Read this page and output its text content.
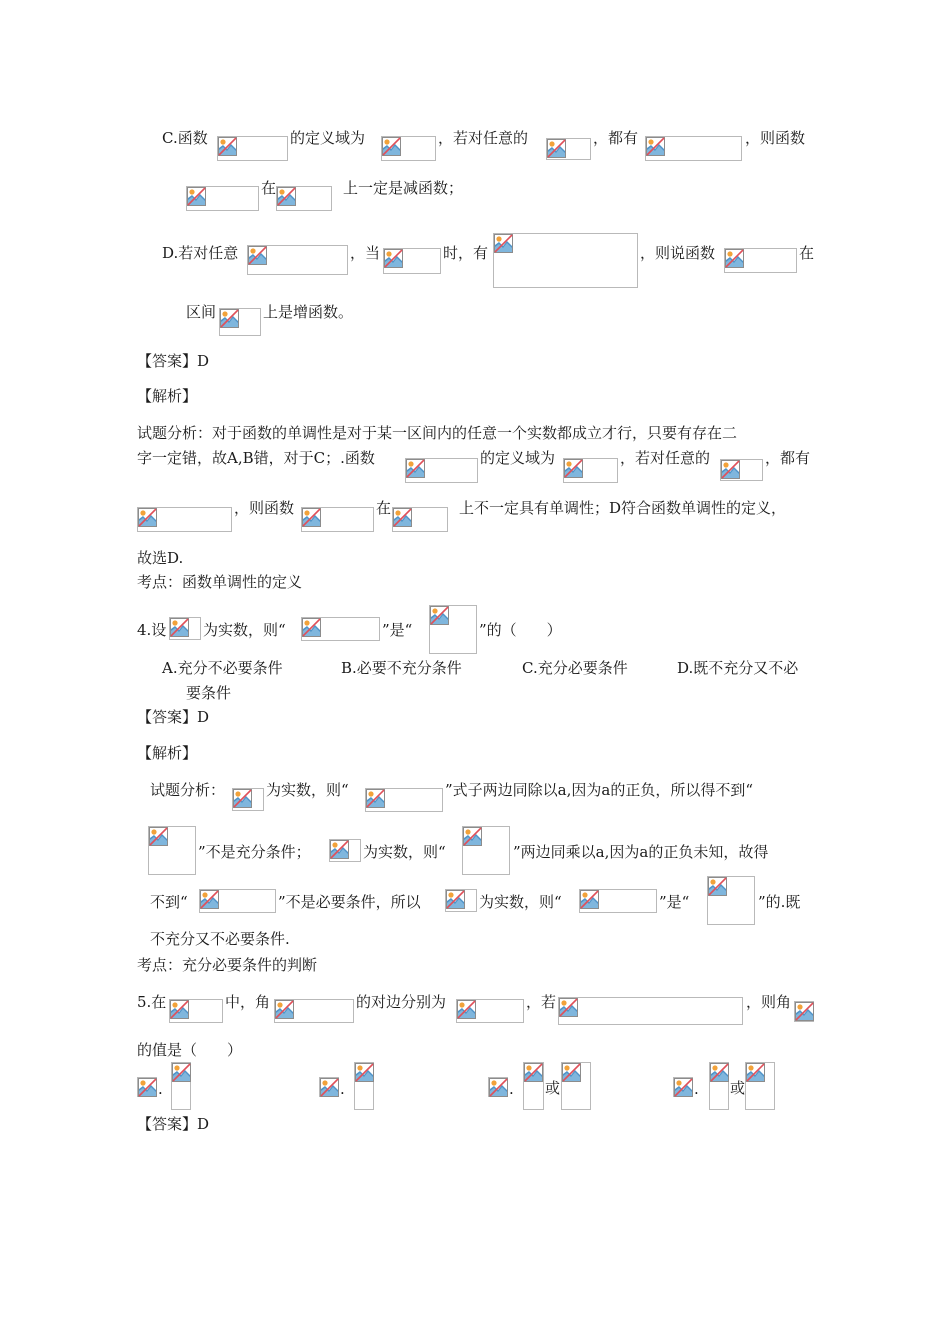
C.函数	的定义域为	，若对任意的	，都有	，则函数
在	上一定是减函数；
D.若对任意	，当	时，有	，则说函数	在
区间	上是增函数。
【答案】D
【解析】
试题分析：对于函数的单调性是对于某一区间内的任意一个实数都成立才行，只要有存在二
字一定错，故A,B错，对于C；.函数	的定义域为	，若对任意的	，都有
，则函数	在	上不一定具有单调性；D符合函数单调性的定义，
故选D.
考点：函数单调性的定义
4.设 为实数，则“	”是“	”的（　　）
A.充分不必要条件	B.必要不充分条件	C.充分必要条件	D.既不充分又不必
要条件
【答案】D
【解析】
试题分析：	为实数，则“	”式子两边同除以a,因为a的正负，所以得不到“
”不是充分条件；	为实数，则“	”两边同乘以a,因为a的正负未知，故得
不到“	”不是必要条件，所以	为实数，则“	”是“	”的.既
不充分又不必要条件.
考点：充分必要条件的判断
5.在	中，角	的对边分别为	，若	，则角
的值是（　　）
.	.	. 或	. 或
【答案】D
